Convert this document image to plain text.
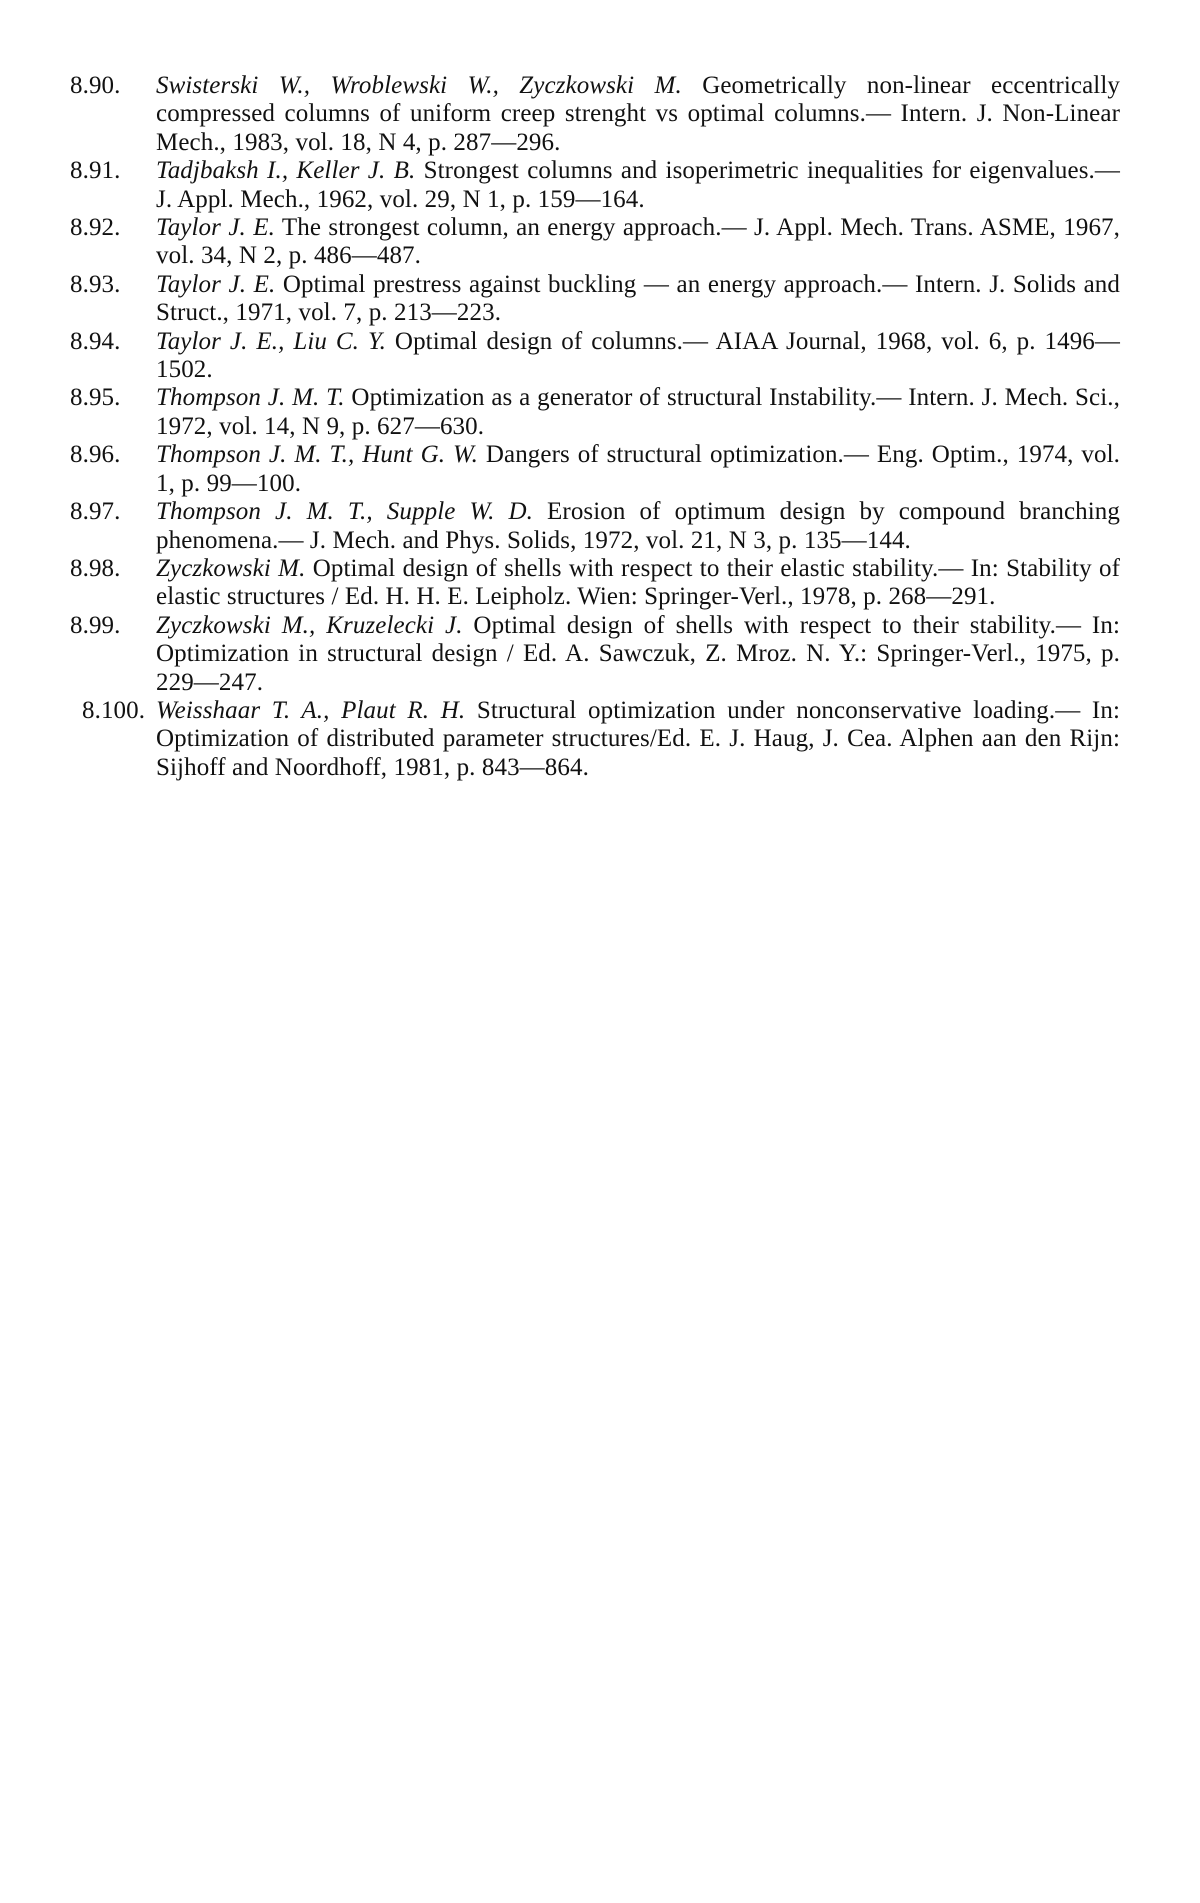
8.90.	Swisterski W., Wroblewski W., Zyczkowski M. Geometrically non-linear eccentrically compressed columns of uniform creep strenght vs optimal columns.— Intern. J. Non-Linear Mech., 1983, vol. 18, N 4, p. 287—296.
8.91.	Tadjbaksh I., Keller J. B. Strongest columns and isoperimetric inequalities for eigenvalues.— J. Appl. Mech., 1962, vol. 29, N 1, p. 159—164.
8.92.	Taylor J. E. The strongest column, an energy approach.— J. Appl. Mech. Trans. ASME, 1967, vol. 34, N 2, p. 486—487.
8.93.	Taylor J. E. Optimal prestress against buckling — an energy approach.— Intern. J. Solids and Struct., 1971, vol. 7, p. 213—223.
8.94.	Taylor J. E., Liu C. Y. Optimal design of columns.— AIAA Journal, 1968, vol. 6, p. 1496—1502.
8.95.	Thompson J. M. T. Optimization as a generator of structural Instability.— Intern. J. Mech. Sci., 1972, vol. 14, N 9, p. 627—630.
8.96.	Thompson J. M. T., Hunt G. W. Dangers of structural optimization.— Eng. Optim., 1974, vol. 1, p. 99—100.
8.97.	Thompson J. M. T., Supple W. D. Erosion of optimum design by compound branching phenomena.— J. Mech. and Phys. Solids, 1972, vol. 21, N 3, p. 135—144.
8.98.	Zyczkowski M. Optimal design of shells with respect to their elastic stability.— In: Stability of elastic structures / Ed. H. H. E. Leipholz. Wien: Springer-Verl., 1978, p. 268—291.
8.99.	Zyczkowski M., Kruzelecki J. Optimal design of shells with respect to their stability.— In: Optimization in structural design / Ed. A. Sawczuk, Z. Mroz. N. Y.: Springer-Verl., 1975, p. 229—247.
8.100. Weisshaar T. A., Plaut R. H. Structural optimization under nonconservative loading.— In: Optimization of distributed parameter structures/Ed. E. J. Haug, J. Cea. Alphen aan den Rijn: Sijhoff and Noordhoff, 1981, p. 843—864.
